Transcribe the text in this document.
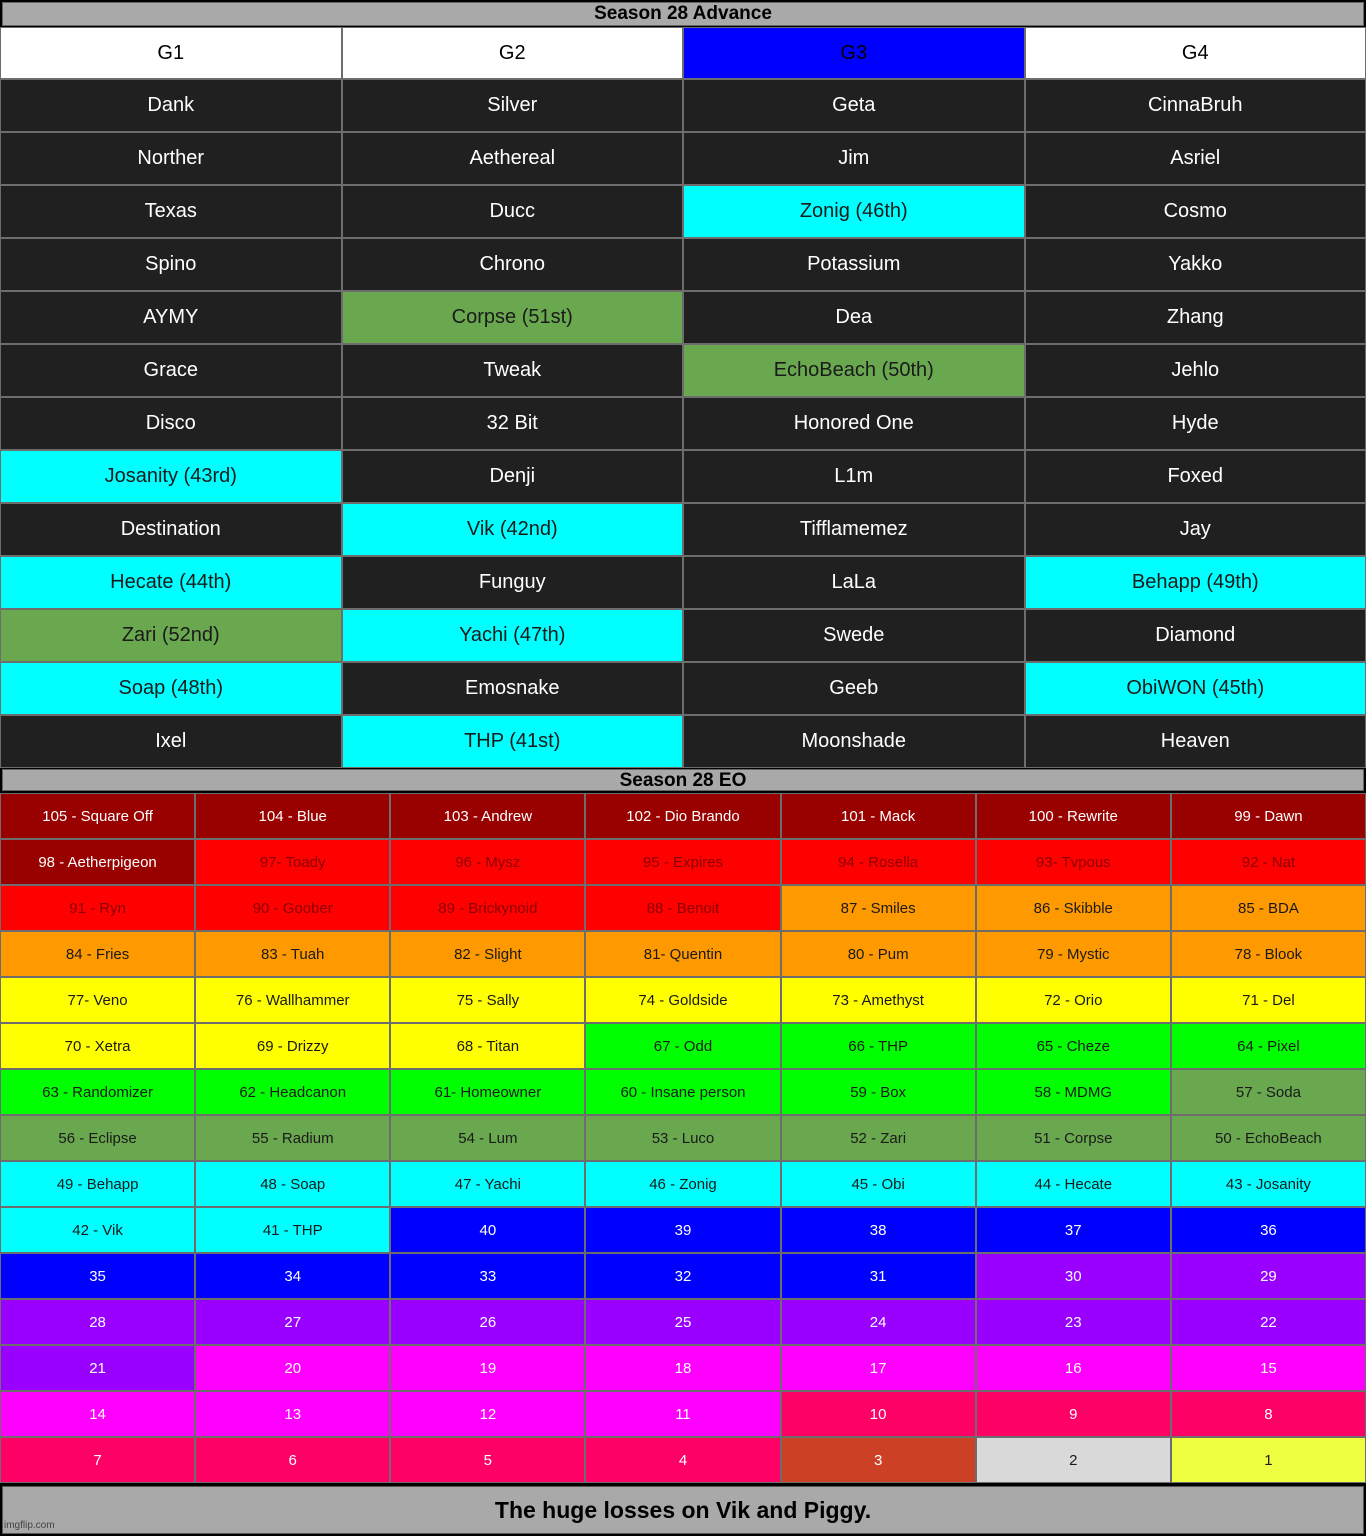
Season 28 Advance
G1	G2	G3	G4
Dank	Silver	Geta	CinnaBruh
Norther	Aethereal	Jim	Asriel
Texas	Ducc	Zonig (46th)	Cosmo
Spino	Chrono	Potassium	Yakko
AYMY	Corpse (51st)	Dea	Zhang
Grace	Tweak	EchoBeach (50th)	Jehlo
Disco	32 Bit	Honored One	Hyde
Josanity (43rd)	Denji	L1m	Foxed
Destination	Vik (42nd)	Tifflamemez	Jay
Hecate (44th)	Funguy	LaLa	Behapp (49th)
Zari (52nd)	Yachi (47th)	Swede	Diamond
Soap (48th)	Emosnake	Geeb	ObiWON (45th)
Ixel	THP (41st)	Moonshade	Heaven
Season 28 EO
105 - Square Off	104 - Blue	103 - Andrew	102 - Dio Brando	101 - Mack	100 - Rewrite	99 - Dawn
98 - Aetherpigeon	97- Toady	96 - Mysz	95 - Expires	94 - Rosella	93- Tvpous	92 - Nat
91 - Ryn	90 - Goober	89 - Brickynoid	88 - Benoit	87 - Smiles	86 - Skibble	85 - BDA
84 - Fries	83 - Tuah	82 - Slight	81- Quentin	80 - Pum	79 - Mystic	78 - Blook
77- Veno	76 - Wallhammer	75 - Sally	74 - Goldside	73 - Amethyst	72 - Orio	71 - Del
70 - Xetra	69 - Drizzy	68 - Titan	67 - Odd	66 - THP	65 - Cheze	64 - Pixel
63 - Randomizer	62 - Headcanon	61- Homeowner	60 - Insane person	59 - Box	58 - MDMG	57 - Soda
56 - Eclipse	55 - Radium	54 - Lum	53 - Luco	52 - Zari	51 - Corpse	50 - EchoBeach
49 - Behapp	48 - Soap	47 - Yachi	46 - Zonig	45 - Obi	44 - Hecate	43 - Josanity
42 - Vik	41 - THP	40	39	38	37	36
35	34	33	32	31	30	29
28	27	26	25	24	23	22
21	20	19	18	17	16	15
14	13	12	11	10	9	8
7	6	5	4	3	2	1
The huge losses on Vik and Piggy.
imgflip.com
